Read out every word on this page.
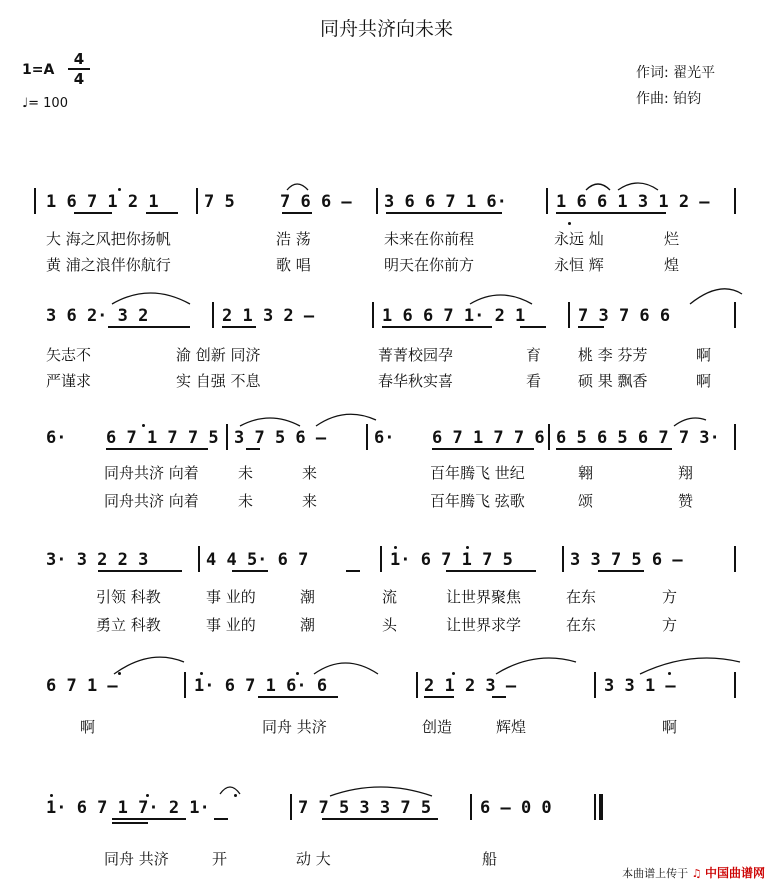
同舟共济向未来
1=A
4
4
♩= 100
作词: 翟光平
作曲: 铂钧
1 6 7 1 2 1	7 5	7 6 6 – 3 6 6 7 1 6·	1 6 6 1 3 1 2 –
大 海之风把你扬帆	浩 荡	未来在你前程	永远 灿	烂
黄 浦之浪伴你航行	歌 唱	明天在你前方	永恒 辉	煌
3 6 2· 3 2	2 1 3 2 –	1 6 6 7 1· 2 1	7 3 7 6 6
矢志不	渝 创新 同济	菁菁校园孕	育 桃 李 芬芳	啊
严谨求	实 自强 不息	春华秋实喜	看 硕 果 飘香	啊
6· 6 7 1 7 7 5 3 7 5 6 –	6· 6 7 1 7 7 6 6 5 6 5 6 7 7 3·
同舟共济 向着	未	来	百年腾飞 世纪	翱	翔
同舟共济 向着	未	来	百年腾飞 弦歌	颂	赞
3· 3 2 2 3	4 4 5· 6 7	1· 6 7 1 7 5	3 3 7 5 6 –
引领 科教	事 业的	潮	流	让世界聚焦	在东	方
勇立 科教	事 业的	潮	头	让世界求学	在东	方
6 7 1 –	1· 6 7 1 6· 6	2 1 2 3 –	3 3 1 –
啊	同舟 共济	创造	辉煌	啊
1· 6 7 1 7· 2 1·	7 7 5 3 3 7 5	6 – 0 0
同舟 共济	开	动 大	船
本曲谱上传于 ♫ 中国曲谱网
